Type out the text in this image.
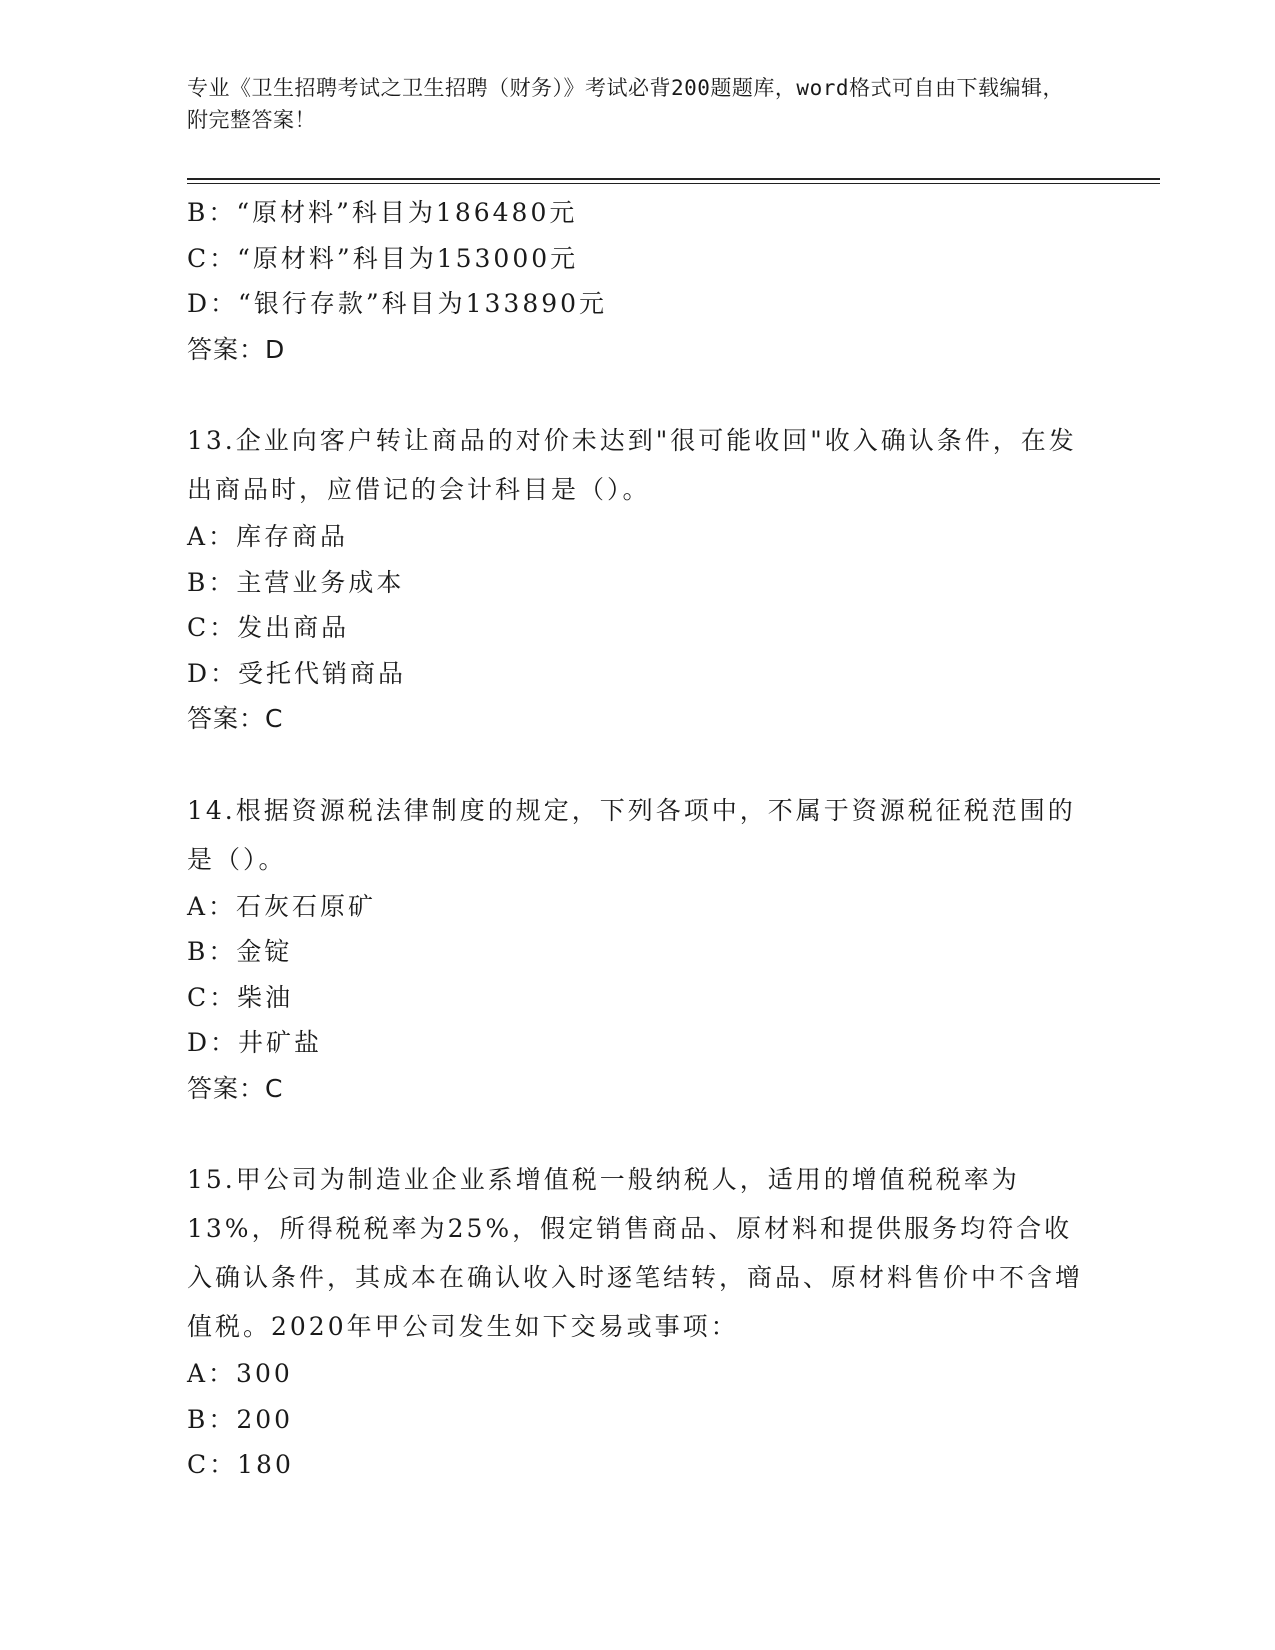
专业《卫生招聘考试之卫生招聘（财务）》考试必背200题题库，word格式可自由下载编辑，附完整答案！
B：“原材料”科目为186480元
C：“原材料”科目为153000元
D：“银行存款”科目为133890元
答案：D
13.企业向客户转让商品的对价未达到"很可能收回"收入确认条件，在发出商品时，应借记的会计科目是（）。
A：库存商品
B：主营业务成本
C：发出商品
D：受托代销商品
答案：C
14.根据资源税法律制度的规定，下列各项中，不属于资源税征税范围的是（）。
A：石灰石原矿
B：金锭
C：柴油
D：井矿盐
答案：C
15.甲公司为制造业企业系增值税一般纳税人，适用的增值税税率为13%，所得税税率为25%，假定销售商品、原材料和提供服务均符合收入确认条件，其成本在确认收入时逐笔结转，商品、原材料售价中不含增值税。2020年甲公司发生如下交易或事项：
A：300
B：200
C：180
